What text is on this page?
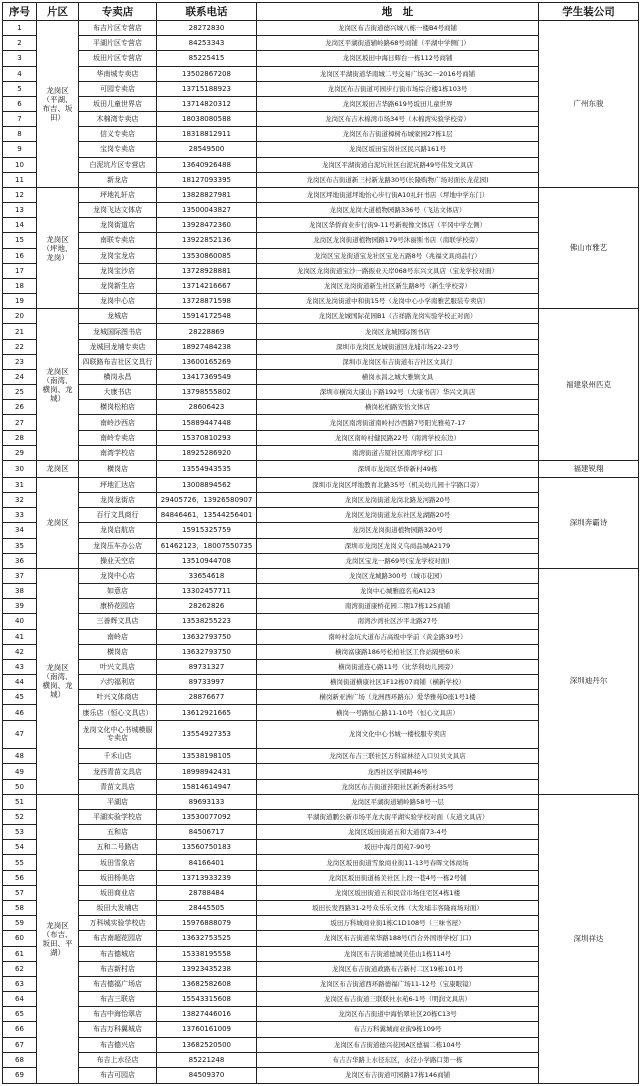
序号	片区	专卖店	联系电话	地　址	学生装公司
1	龙岗区（平湖、布吉、坂田）	布吉片区专营店	28272830	龙岗区布吉街道德兴城八栋一楼B4号商铺	广州东骏
2		平湖片区专营店	84253343	龙岗区平湖街道辅岭路68号商铺（平湖中学侧门）	
3		坂田片区专营店	85225415	龙岗区坂田中海日辉台一栋112号商铺	
4		华南城专卖店	13502867208	龙岗区平湖街道华南城二号交易广场3C一2016号商铺	
5		可园专卖店	13715188923	龙岗区布吉街道可园步行街市场综合楼1栋103号	
6		坂田儿童世界店	13714820312	龙岗区坂田吉华路619号坂田儿童世界	
7		木棉湾专卖店	18038080588	龙岗区布吉木棉湾市场34号（木棉湾实验学校旁）	
8		信义专卖店	18318812911	龙岗区布吉街道樟树布城家园27栋1层	
9		宝岗专卖店	28549500	龙岗区坂田宝岗社区民兴路161号	
10		白泥坑片区专营店	13640926488	龙岗区平湖街道白泥坑社区白泥坑路49号伟发文具店	
11		新龙店	18127093395	龙岗区布吉街道新三村新龙路30号(长隆购物广场对面长龙花园)	
12	龙岗区（坪地、龙岗）	坪地礼轩店	13828827981	龙岗区坪地街道坪地怡心步行街A10礼轩书店（坪地中学东门）	佛山市雅艺
13		龙岗飞达文体店	13500043827	龙岗区龙岗大道植物园路336号（飞达文体店）	
14		龙岗街道店	13928472360	龙岗区华侨商业步行街9-11号新视像文体店（平冈中学左侧）	
15		南联专卖店	13922852136	龙岗区龙岗街道植物园路179号沐丽斯书店（南联学校旁）	
16		龙岗宝龙店	13530860085	龙岗区宝龙街道宝龙社区宝龙五路8号（兆福文具商品行）	
17		龙岗宝沙店	13728928881	龙岗区龙岗街道宝沙一路振业天岸068号东兴文具店（宝龙学校对面）	
18		龙岗新生店	13714216667	龙岗区龙岗街道新生社区新生路8号（新生学校旁）	
19		龙岗中心店	13728871598	龙岗区龙岗街道中和街15号（龙岗中心小学南雅艺服装专卖店）	
20	龙岗区（南湾、横岗、龙城）	龙城店	15914172548	龙岗区龙城国际花园B1（吉祥路龙岗实验学校正对面）	福建泉州匹克
21		龙城国际图书店	28228869	龙岗区龙城国际图书店	
22		龙城回龙埔专卖店	18927484238	深圳市龙岗区龙城街道回龙埔市场22-23号	
23		四联路布吉社区文具行	13600165269	深圳市龙岗区布吉街道布吉社区文具行	
24		横岗永昌	13417369549	横岗永昌之城大雅镇文具	
25		大康书店	13798555802	深圳市横岗大康山下路192号（大康书店）华兴文具店	
26		横岗松柏店	28606423	横岗松柏路安怡文体店	
27		南岭沙西店	15889447448	龙岗区南湾街道南岭村沙西路7号阳光雅苑7-17	
28		南岭专卖店	15370810293	龙岗区南岭村健民路22号（南湾学校东边）	
29		南湾学校店	18925286920	南湾街道吉厦社区南湾学校门口	
30	龙岗区	横岗店	13554943535	深圳市龙岗区华侨新村49栋	福建锐翔
31	龙岗区	坪地汇达店	13008894562	深圳市龙岗区坪地教育北路35号（机关幼儿园十字路口旁）	深圳奔霸诗
32		龙岗龙街店	29405726，13926580907	龙岗区龙岗街道龙岗北路龙河路20号	
33		百行文具商行	84846461，13544256401	龙岗区龙岗街道龙东社区龙湖路20号	
34		龙岗启航店	15915325759	龙岗区龙岗街道植物园路320号	
35		龙岗压车办公店	61462123，18007550735	深圳市龙岗区龙岗义乌商品城A2179	
36		操业天空店	13510944708	龙岗区宝龙一路69号(宝龙学校对面)	
37	龙岗区（南湾、横岗、龙城）	龙岗中心店	33654618	龙岗区龙城路300号（城市花园）	深圳迪丹尔
38		如意店	13302457711	龙岗中心城雅庭名苑A123	
39		康桥花园店	28262826	南湾街道康桥花园二期17栋125商铺	
40		三善辉文具店	13538255223	南湾沙湾社区沙平北路27号	
41		南岭店	13632793750	南岭村金坑大道布吉高级中学前（黄金路39号）	
42		横岗店	13632793750	横岗富康路186号松柏社区工作站隔壁60米	
43		叶兴文具店	89731327	横岗街道连心路11号（比华利幼儿园旁）	
44		六约福利店	89733997	横岗街道横康社区1F12栋07商铺（横新学校）	
45		叶兴文体商店	28876677	横岗新亚洲广场（龙洲西环路东）爱华雅苑D座1号1楼	
46		康乐店（恒心文具店）	13612921665	横岗一号路恒心路11-10号（恒心文具店）	
47		龙岗文化中心书城模服专卖店	13554927353	龙岗文化中心书城一楼校服专卖店	
48		千禾山店	13538198105	龙岗区布吉三联社区万科富林径入口贝贝文具店	
49		龙西青苗文具店	18998942431	龙西社区学园路46号	
50		青苗文具店	15814614947	龙岗区布吉街道苔阳社区新秀新村35号	
51	龙岗区（布吉、坂田、平湖）	平湖店	89693133	龙岗区平湖街道辅岭路58号一层	深圳祥达
52		平湖实验学校店	13530077092	平湖街道鹏公新市场平龙大街平湖实验学校对面（友道文具店）	
53		五和店	84506717	龙岗区坂田街道五和大道南73-4号	
54		五和二号路店	13560750183	坂田中海月朗苑7-90号	
55		坂田雪象店	84166401	龙岗区坂田街道雪象商业街11-13号春晖文体商场	
56		坂田杨美店	13713933239	龙岗区坂田街道杨美社区上段一巷4号一栋2号铺	
57		坂田商业店	28788484	龙岗区坂田街道五和民营市场住宅区4栋1楼	
58		坂田大发埔店	28445505	坂田长发西路31-2号众乐乐文体（大发埔丰客隆商场对面）	
59		万科城实验学校店	15976888079	坂田万科城商业街1栋C1D108号（三味书屋）	
60		布吉南超花园店	13632753525	龙岗区布吉街道荣华路188号(百合外国语学校门口)	
61		布吉德城店	15338195558	龙岗区布吉街道德城美佳山1栋114号	
62		布吉新村店	13923435238	龙岗区布吉街道政路布吉新村二区19栋101号	
63		布吉德福广场店	13682582608	龙岗区布吉街道西环路德福广场11-12号（宝康眼镜）	
64		布吉三联店	15543315608	龙岗区布吉街道三联联社水苑6-1号（明润文具店）	
65		布吉中海怡翠店	13827446016	龙岗区布吉街道中海怡翠社区20栋C13号	
66		布吉万科翼城店	13760161009	布吉万科翼城商业街9栋109号	
67		布吉德兴店	13682520500	龙岗区布吉街道德兴花园A区德福二栋104号	
68		布吉上水径店	85221248	布吉吉华路上水径东区，水径小学路口第一栋	
69		布吉可园店	84509370	龙岗区布吉街道可园路17栋146商铺	
